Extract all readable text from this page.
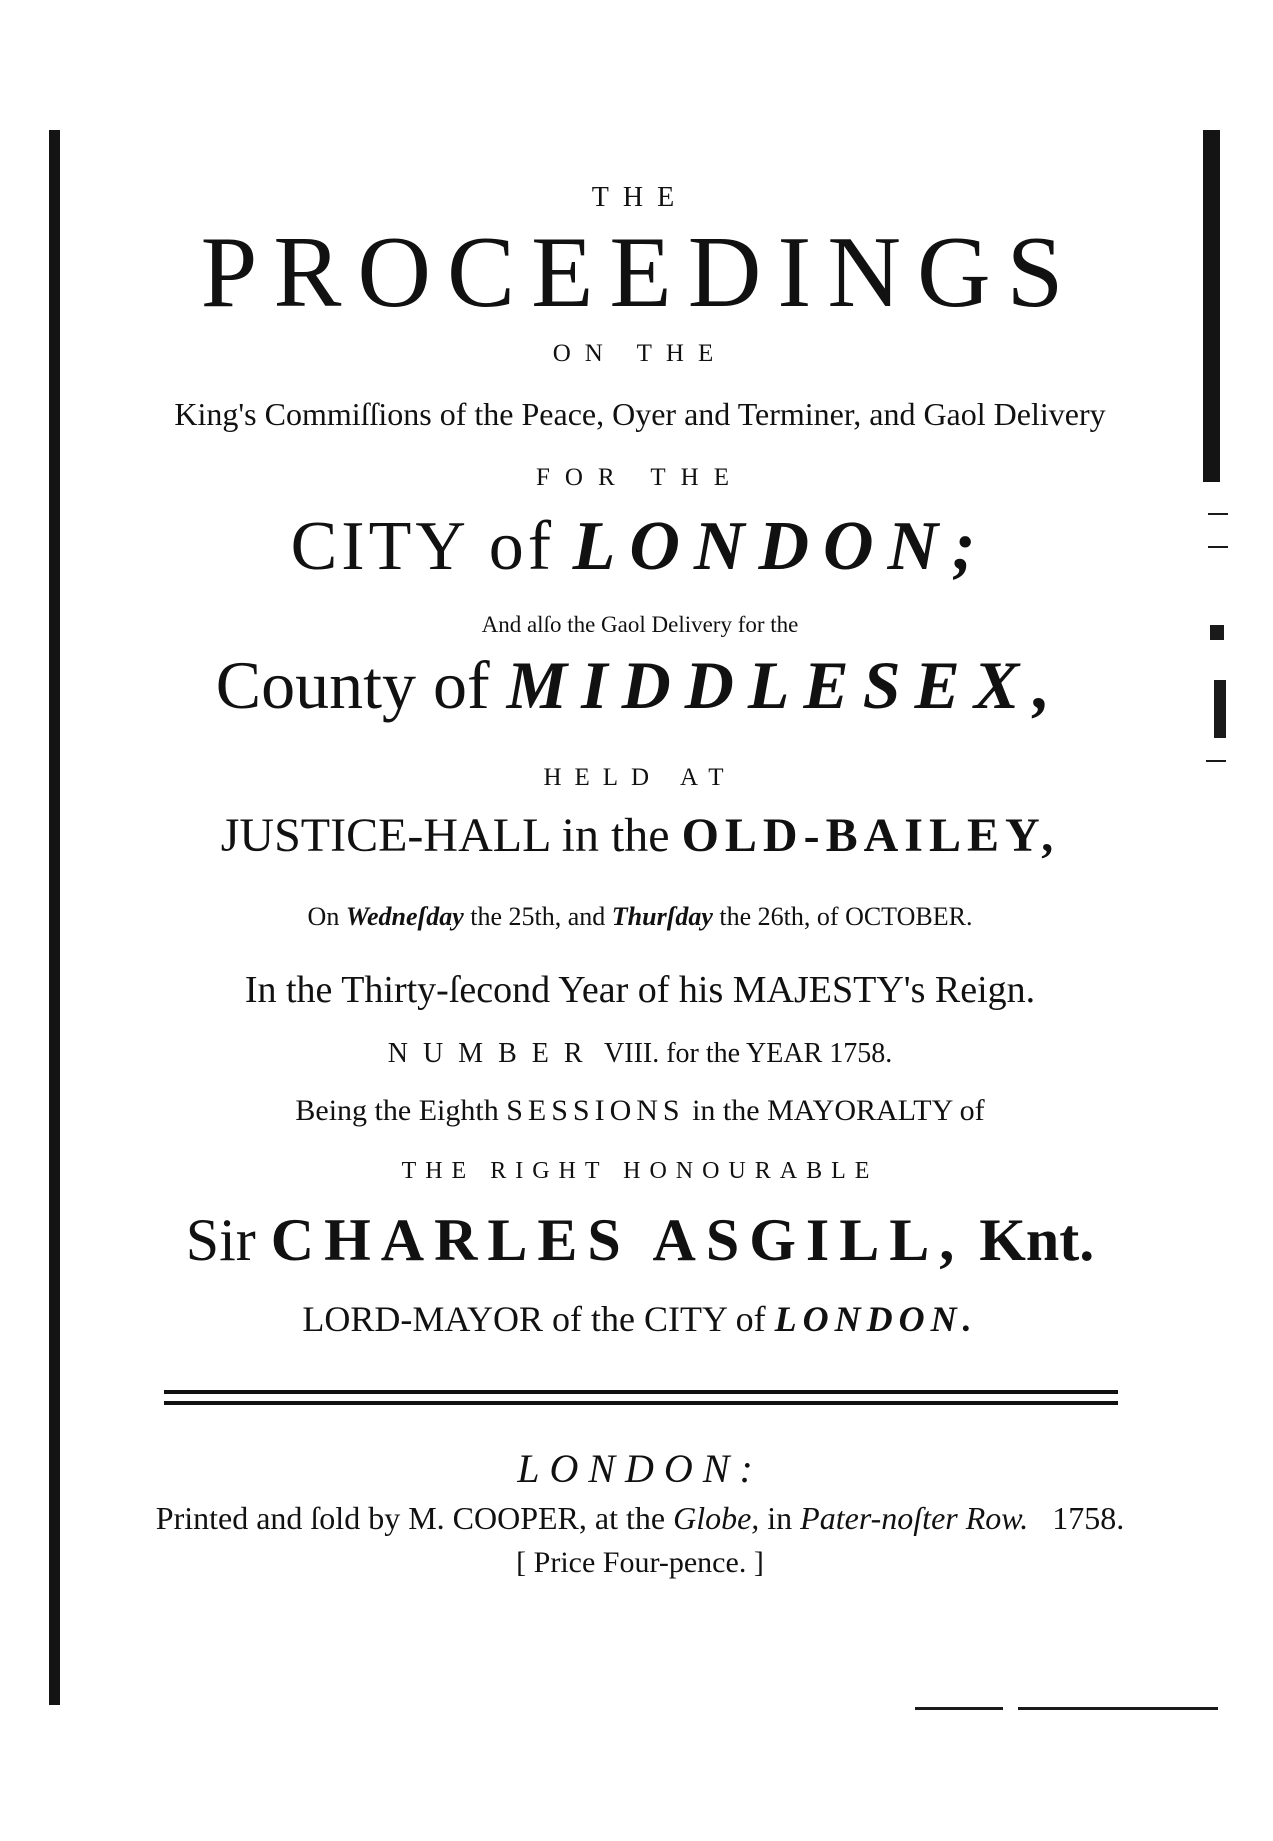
THE
PROCEEDINGS
ON THE
King's Commiſſions of the Peace, Oyer and Terminer, and Gaol Delivery
FOR THE
CITY of LONDON;
And alſo the Gaol Delivery for the
County of MIDDLESEX,
HELD AT
JUSTICE-HALL in the OLD-BAILEY,
On Wedneſday the 25th, and Thurſday the 26th, of OCTOBER.
In the Thirty-ſecond Year of his MAJESTY's Reign.
NUMBER VIII. for the YEAR 1758.
Being the Eighth SESSIONS in the MAYORALTY of
THE RIGHT HONOURABLE
Sir CHARLES ASGILL, Knt.
LORD-MAYOR of the CITY of LONDON.
LONDON:
Printed and ſold by M. COOPER, at the Globe, in Pater-noſter Row. 1758.
[ Price Four-pence. ]
